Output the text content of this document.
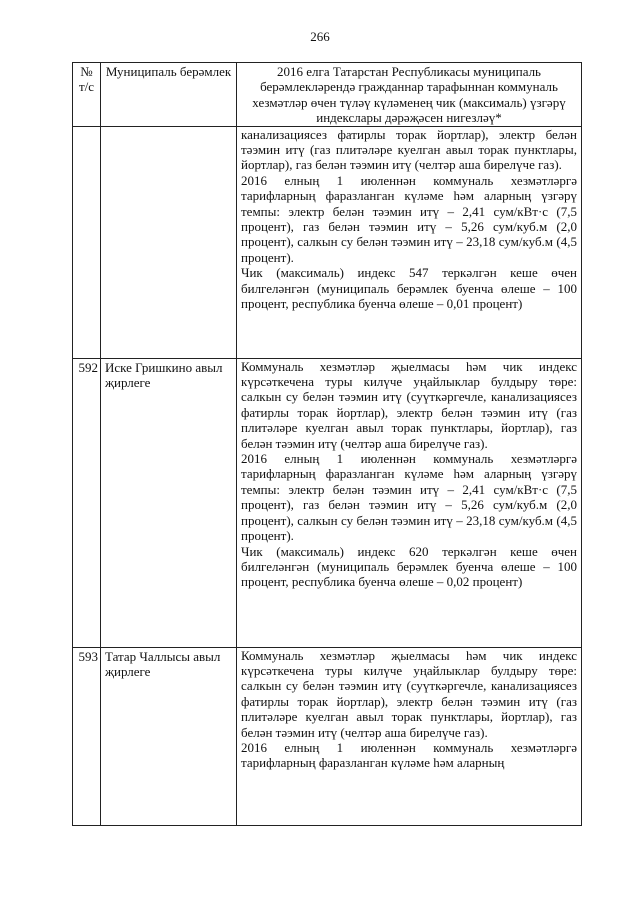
266
№ т/с	Муниципаль берәмлек	2016 елга Татарстан Республикасы муниципаль берәмлекләрендә гражданнар тарафыннан коммуналь хезмәтләр өчен түләү күләменең чик (максималь) үзгәрү индекслары дәрәҗәсен нигезләү*

		канализациясез фатирлы торак йортлар), электр белән тәэмин итү (газ плитәләре куелган авыл торак пунктлары, йортлар), газ белән тәэмин итү (челтәр аша бирелүче газ).

2016 елның 1 июленнән коммуналь хезмәтләргә тарифларның фаразланган күләме һәм аларның үзгәрү темпы: электр белән тәэмин итү – 2,41 сум/кВт·с (7,5 процент), газ белән тәэмин итү – 5,26 сум/куб.м (2,0 процент), салкын су белән тәэмин итү – 23,18 сум/куб.м (4,5 процент).

Чик (максималь) индекс 547 теркәлгән кеше өчен билгеләнгән (муниципаль берәмлек буенча өлеше – 100 процент, республика буенча өлеше – 0,01 процент)

592	Иске Гришкино авыл җирлеге	Коммуналь хезмәтләр җыелмасы һәм чик индекс күрсәткечена туры килүче уңайлыклар булдыру төре: салкын су белән тәэмин итү (суүткәргечле, канализациясез фатирлы торак йортлар), электр белән тәэмин итү (газ плитәләре куелган авыл торак пунктлары, йортлар), газ белән тәэмин итү (челтәр аша бирелүче газ).

2016 елның 1 июленнән коммуналь хезмәтләргә тарифларның фаразланган күләме һәм аларның үзгәрү темпы: электр белән тәэмин итү – 2,41 сум/кВт·с (7,5 процент), газ белән тәэмин итү – 5,26 сум/куб.м (2,0 процент), салкын су белән тәэмин итү – 23,18 сум/куб.м (4,5 процент).

Чик (максималь) индекс 620 теркәлгән кеше өчен билгеләнгән (муниципаль берәмлек буенча өлеше – 100 процент, республика буенча өлеше – 0,02 процент)

593	Татар Чаллысы авыл җирлеге	Коммуналь хезмәтләр җыелмасы һәм чик индекс күрсәткечена туры килүче уңайлыклар булдыру төре: салкын су белән тәэмин итү (суүткәргечле, канализациясез фатирлы торак йортлар), электр белән тәэмин итү (газ плитәләре куелган авыл торак пунктлары, йортлар), газ белән тәэмин итү (челтәр аша бирелүче газ).

2016 елның 1 июленнән коммуналь хезмәтләргә тарифларның фаразланган күләме һәм аларның
